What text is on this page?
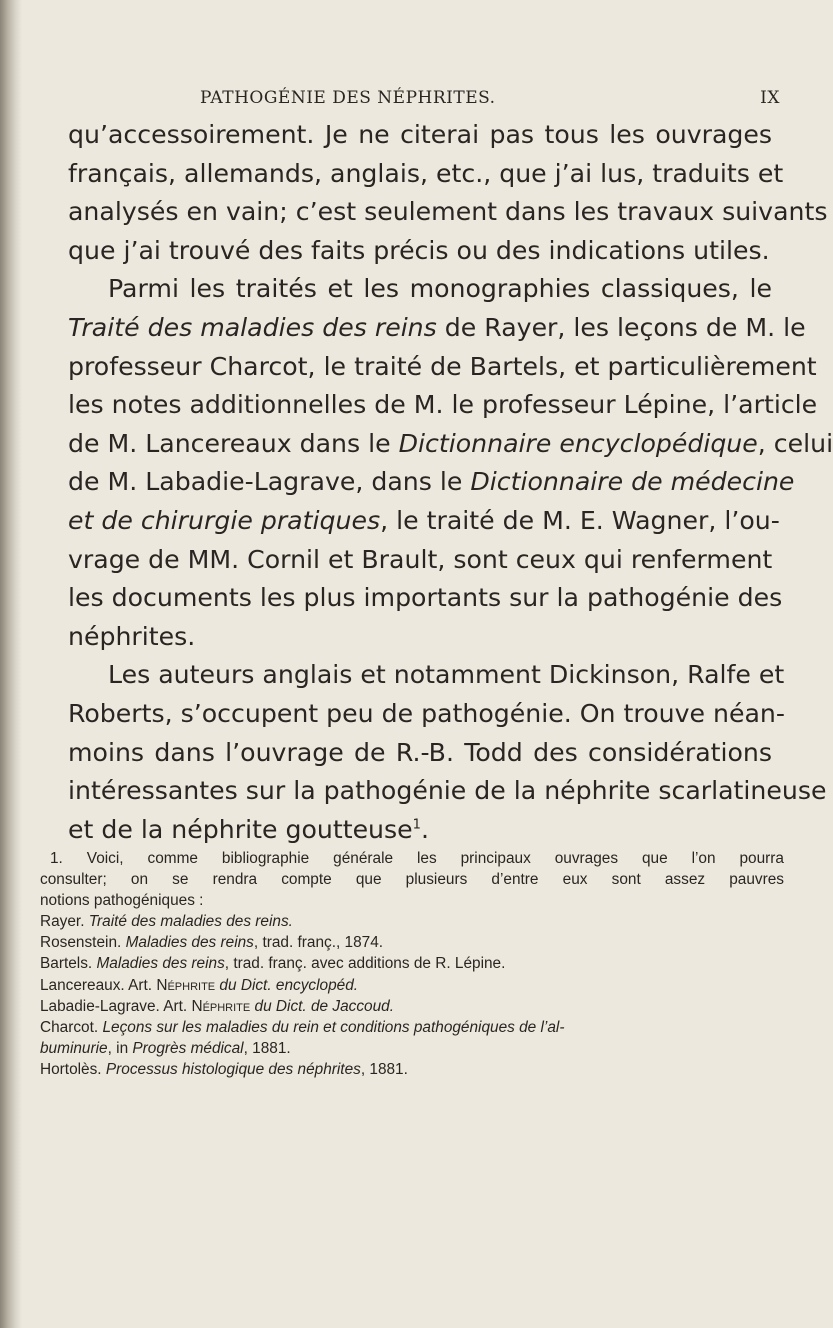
PATHOGÉNIE DES NÉPHRITES.	IX
qu’accessoirement. Je ne citerai pas tous les ouvrages
français, allemands, anglais, etc., que j’ai lus, traduits et
analysés en vain; c’est seulement dans les travaux suivants
que j’ai trouvé des faits précis ou des indications utiles.
Parmi les traités et les monographies classiques, le
Traité des maladies des reins de Rayer, les leçons de M. le
professeur Charcot, le traité de Bartels, et particulièrement
les notes additionnelles de M. le professeur Lépine, l’article
de M. Lancereaux dans le Dictionnaire encyclopédique, celui
de M. Labadie-Lagrave, dans le Dictionnaire de médecine
et de chirurgie pratiques, le traité de M. E. Wagner, l’ou-
vrage de MM. Cornil et Brault, sont ceux qui renferment
les documents les plus importants sur la pathogénie des
néphrites.
Les auteurs anglais et notamment Dickinson, Ralfe et
Roberts, s’occupent peu de pathogénie. On trouve néan-
moins dans l’ouvrage de R.-B. Todd des considérations
intéressantes sur la pathogénie de la néphrite scarlatineuse
et de la néphrite goutteuse$^1$.
1. Voici, comme bibliographie générale les principaux ouvrages que l’on pourra
consulter; on se rendra compte que plusieurs d’entre eux sont assez pauvres
notions pathogéniques :
Rayer. Traité des maladies des reins.
Rosenstein. Maladies des reins, trad. franç., 1874.
Bartels. Maladies des reins, trad. franç. avec additions de R. Lépine.
Lancereaux. Art. Néphrite du Dict. encyclopéd.
Labadie-Lagrave. Art. Néphrite du Dict. de Jaccoud.
Charcot. Leçons sur les maladies du rein et conditions pathogéniques de l’al-
buminurie, in Progrès médical, 1881.
Hortolès. Processus histologique des néphrites, 1881.
